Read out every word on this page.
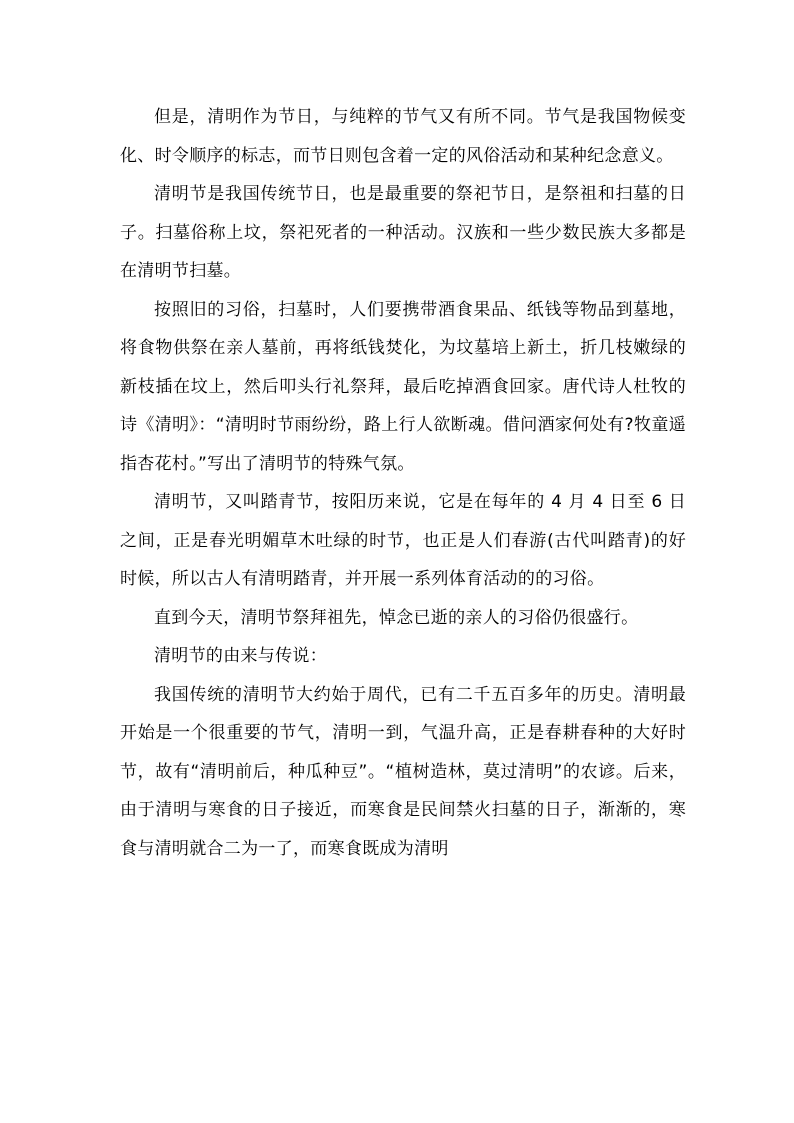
但是，清明作为节日，与纯粹的节气又有所不同。节气是我国物候变化、时令顺序的标志，而节日则包含着一定的风俗活动和某种纪念意义。

清明节是我国传统节日，也是最重要的祭祀节日，是祭祖和扫墓的日子。扫墓俗称上坟，祭祀死者的一种活动。汉族和一些少数民族大多都是在清明节扫墓。

按照旧的习俗，扫墓时，人们要携带酒食果品、纸钱等物品到墓地，将食物供祭在亲人墓前，再将纸钱焚化，为坟墓培上新土，折几枝嫩绿的新枝插在坟上，然后叩头行礼祭拜，最后吃掉酒食回家。唐代诗人杜牧的诗《清明》：“清明时节雨纷纷，路上行人欲断魂。借问酒家何处有?牧童遥指杏花村。”写出了清明节的特殊气氛。

清明节，又叫踏青节，按阳历来说，它是在每年的 4 月 4 日至 6 日之间，正是春光明媚草木吐绿的时节，也正是人们春游(古代叫踏青)的好时候，所以古人有清明踏青，并开展一系列体育活动的的习俗。

直到今天，清明节祭拜祖先，悼念已逝的亲人的习俗仍很盛行。

清明节的由来与传说：

我国传统的清明节大约始于周代，已有二千五百多年的历史。清明最开始是一个很重要的节气，清明一到，气温升高，正是春耕春种的大好时节，故有“清明前后，种瓜种豆”。“植树造林，莫过清明”的农谚。后来，由于清明与寒食的日子接近，而寒食是民间禁火扫墓的日子，渐渐的，寒食与清明就合二为一了，而寒食既成为清明
